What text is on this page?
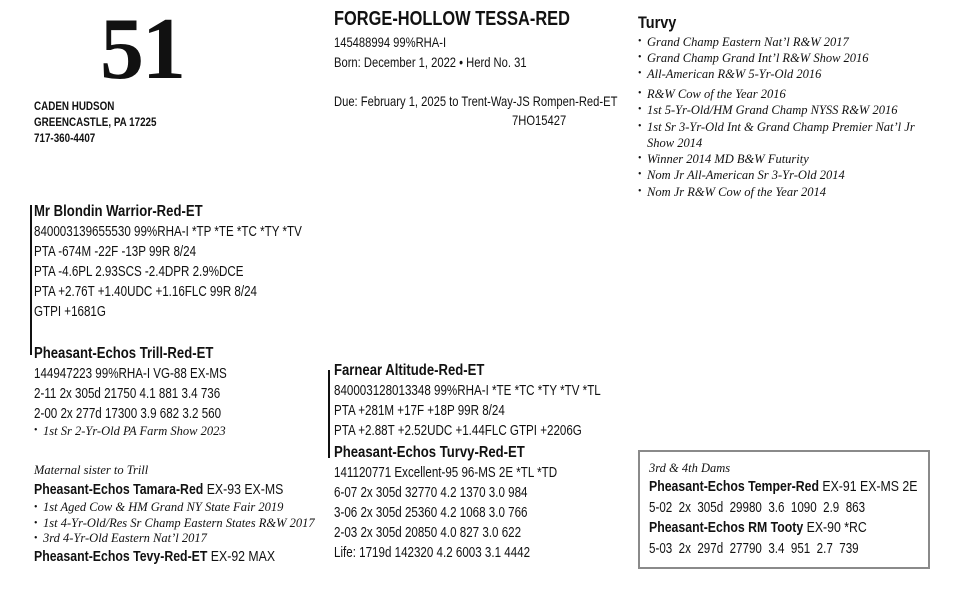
51
CADEN HUDSON
GREENCASTLE, PA 17225
717-360-4407
FORGE-HOLLOW TESSA-RED
145488994 99%RHA-I
Born: December 1, 2022 • Herd No. 31
Due: February 1, 2025 to Trent-Way-JS Rompen-Red-ET
7HO15427
Turvy
• Grand Champ Eastern Nat’l R&W 2017
• Grand Champ Grand Int’l R&W Show 2016
• All-American R&W 5-Yr-Old 2016
• R&W Cow of the Year 2016
• 1st 5-Yr-Old/HM Grand Champ NYSS R&W 2016
• 1st Sr 3-Yr-Old Int & Grand Champ Premier Nat’l Jr Show 2014
• Winner 2014 MD B&W Futurity
• Nom Jr All-American Sr 3-Yr-Old 2014
• Nom Jr R&W Cow of the Year 2014
Mr Blondin Warrior-Red-ET
840003139655530 99%RHA-I *TP *TE *TC *TY *TV
PTA -674M -22F -13P 99R 8/24
PTA -4.6PL 2.93SCS -2.4DPR 2.9%DCE
PTA +2.76T +1.40UDC +1.16FLC 99R 8/24
GTPI +1681G
Pheasant-Echos Trill-Red-ET
144947223 99%RHA-I VG-88 EX-MS
2-11 2x 305d 21750 4.1 881 3.4 736
2-00 2x 277d 17300 3.9 682 3.2 560
• 1st Sr 2-Yr-Old PA Farm Show 2023
Maternal sister to Trill
Pheasant-Echos Tamara-Red EX-93 EX-MS
• 1st Aged Cow & HM Grand NY State Fair 2019
• 1st 4-Yr-Old/Res Sr Champ Eastern States R&W 2017
• 3rd 4-Yr-Old Eastern Nat’l 2017
Pheasant-Echos Tevy-Red-ET EX-92 MAX
Farnear Altitude-Red-ET
840003128013348 99%RHA-I *TE *TC *TY *TV *TL
PTA +281M +17F +18P 99R 8/24
PTA +2.88T +2.52UDC +1.44FLC GTPI +2206G
Pheasant-Echos Turvy-Red-ET
141120771 Excellent-95 96-MS 2E *TL *TD
6-07 2x 305d 32770 4.2 1370 3.0 984
3-06 2x 305d 25360 4.2 1068 3.0 766
2-03 2x 305d 20850 4.0 827 3.0 622
Life: 1719d 142320 4.2 6003 3.1 4442
3rd & 4th Dams
Pheasant-Echos Temper-Red EX-91 EX-MS 2E
5-02  2x  305d  29980  3.6  1090  2.9  863
Pheasant-Echos RM Tooty EX-90 *RC
5-03  2x  297d  27790  3.4  951  2.7  739
